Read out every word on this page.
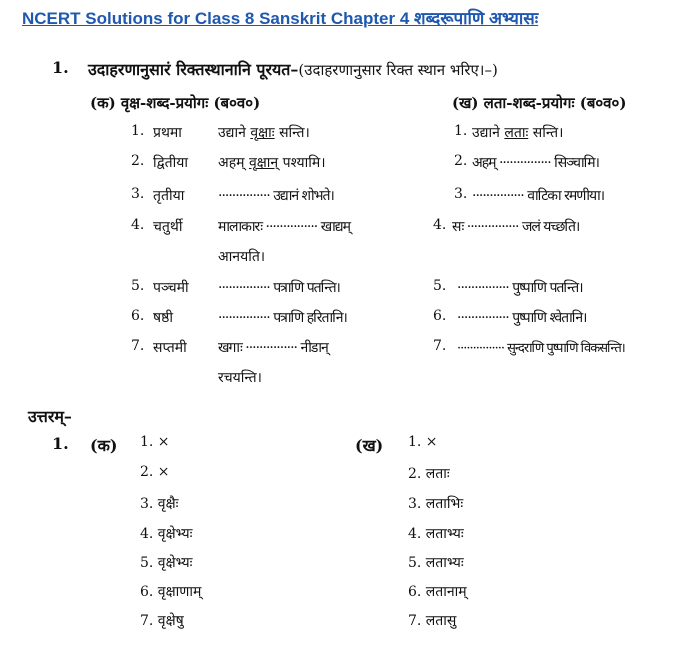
NCERT Solutions for Class 8 Sanskrit Chapter 4 शब्दरूपाणि अभ्यासः
1. उदाहरणानुसारं रिक्तस्थानानि पूरयत–(उदाहरणानुसार रिक्त स्थान भरिए।–)
(क) वृक्ष-शब्द-प्रयोगः (ब०व०)	(ख) लता-शब्द-प्रयोगः (ब०व०)
1. प्रथमा	उद्याने वृक्षाः सन्ति।
2. द्वितीया अहम् वृक्षान् पश्यामि।
3. तृतीया ··············· उद्यानं शोभते।
4. चतुर्थी	मालाकारः ··············· खाद्यम्
आनयति।
5. पञ्चमी ··············· पत्राणि पतन्ति।
6. षष्ठी	··············· पत्राणि हरितानि।
7. सप्तमी खगाः ··············· नीडान्
रचयन्ति।
1. उद्याने लताः सन्ति।
2. अहम् ··············· सिञ्चामि।
3. ··············· वाटिका रमणीया।
4. सः ··············· जलं यच्छति।
5. ··············· पुष्पाणि पतन्ति।
6. ··············· पुष्पाणि श्वेतानि।
7. ··············· सुन्दराणि पुष्पाणि विकसन्ति।
उत्तरम्–
1. (क)	(ख)
1. ×
2. ×
3. वृक्षैः
4. वृक्षेभ्यः
5. वृक्षेभ्यः
6. वृक्षाणाम्
7. वृक्षेषु
1. ×
2. लताः
3. लताभिः
4. लताभ्यः
5. लताभ्यः
6. लतानाम्
7. लतासु
